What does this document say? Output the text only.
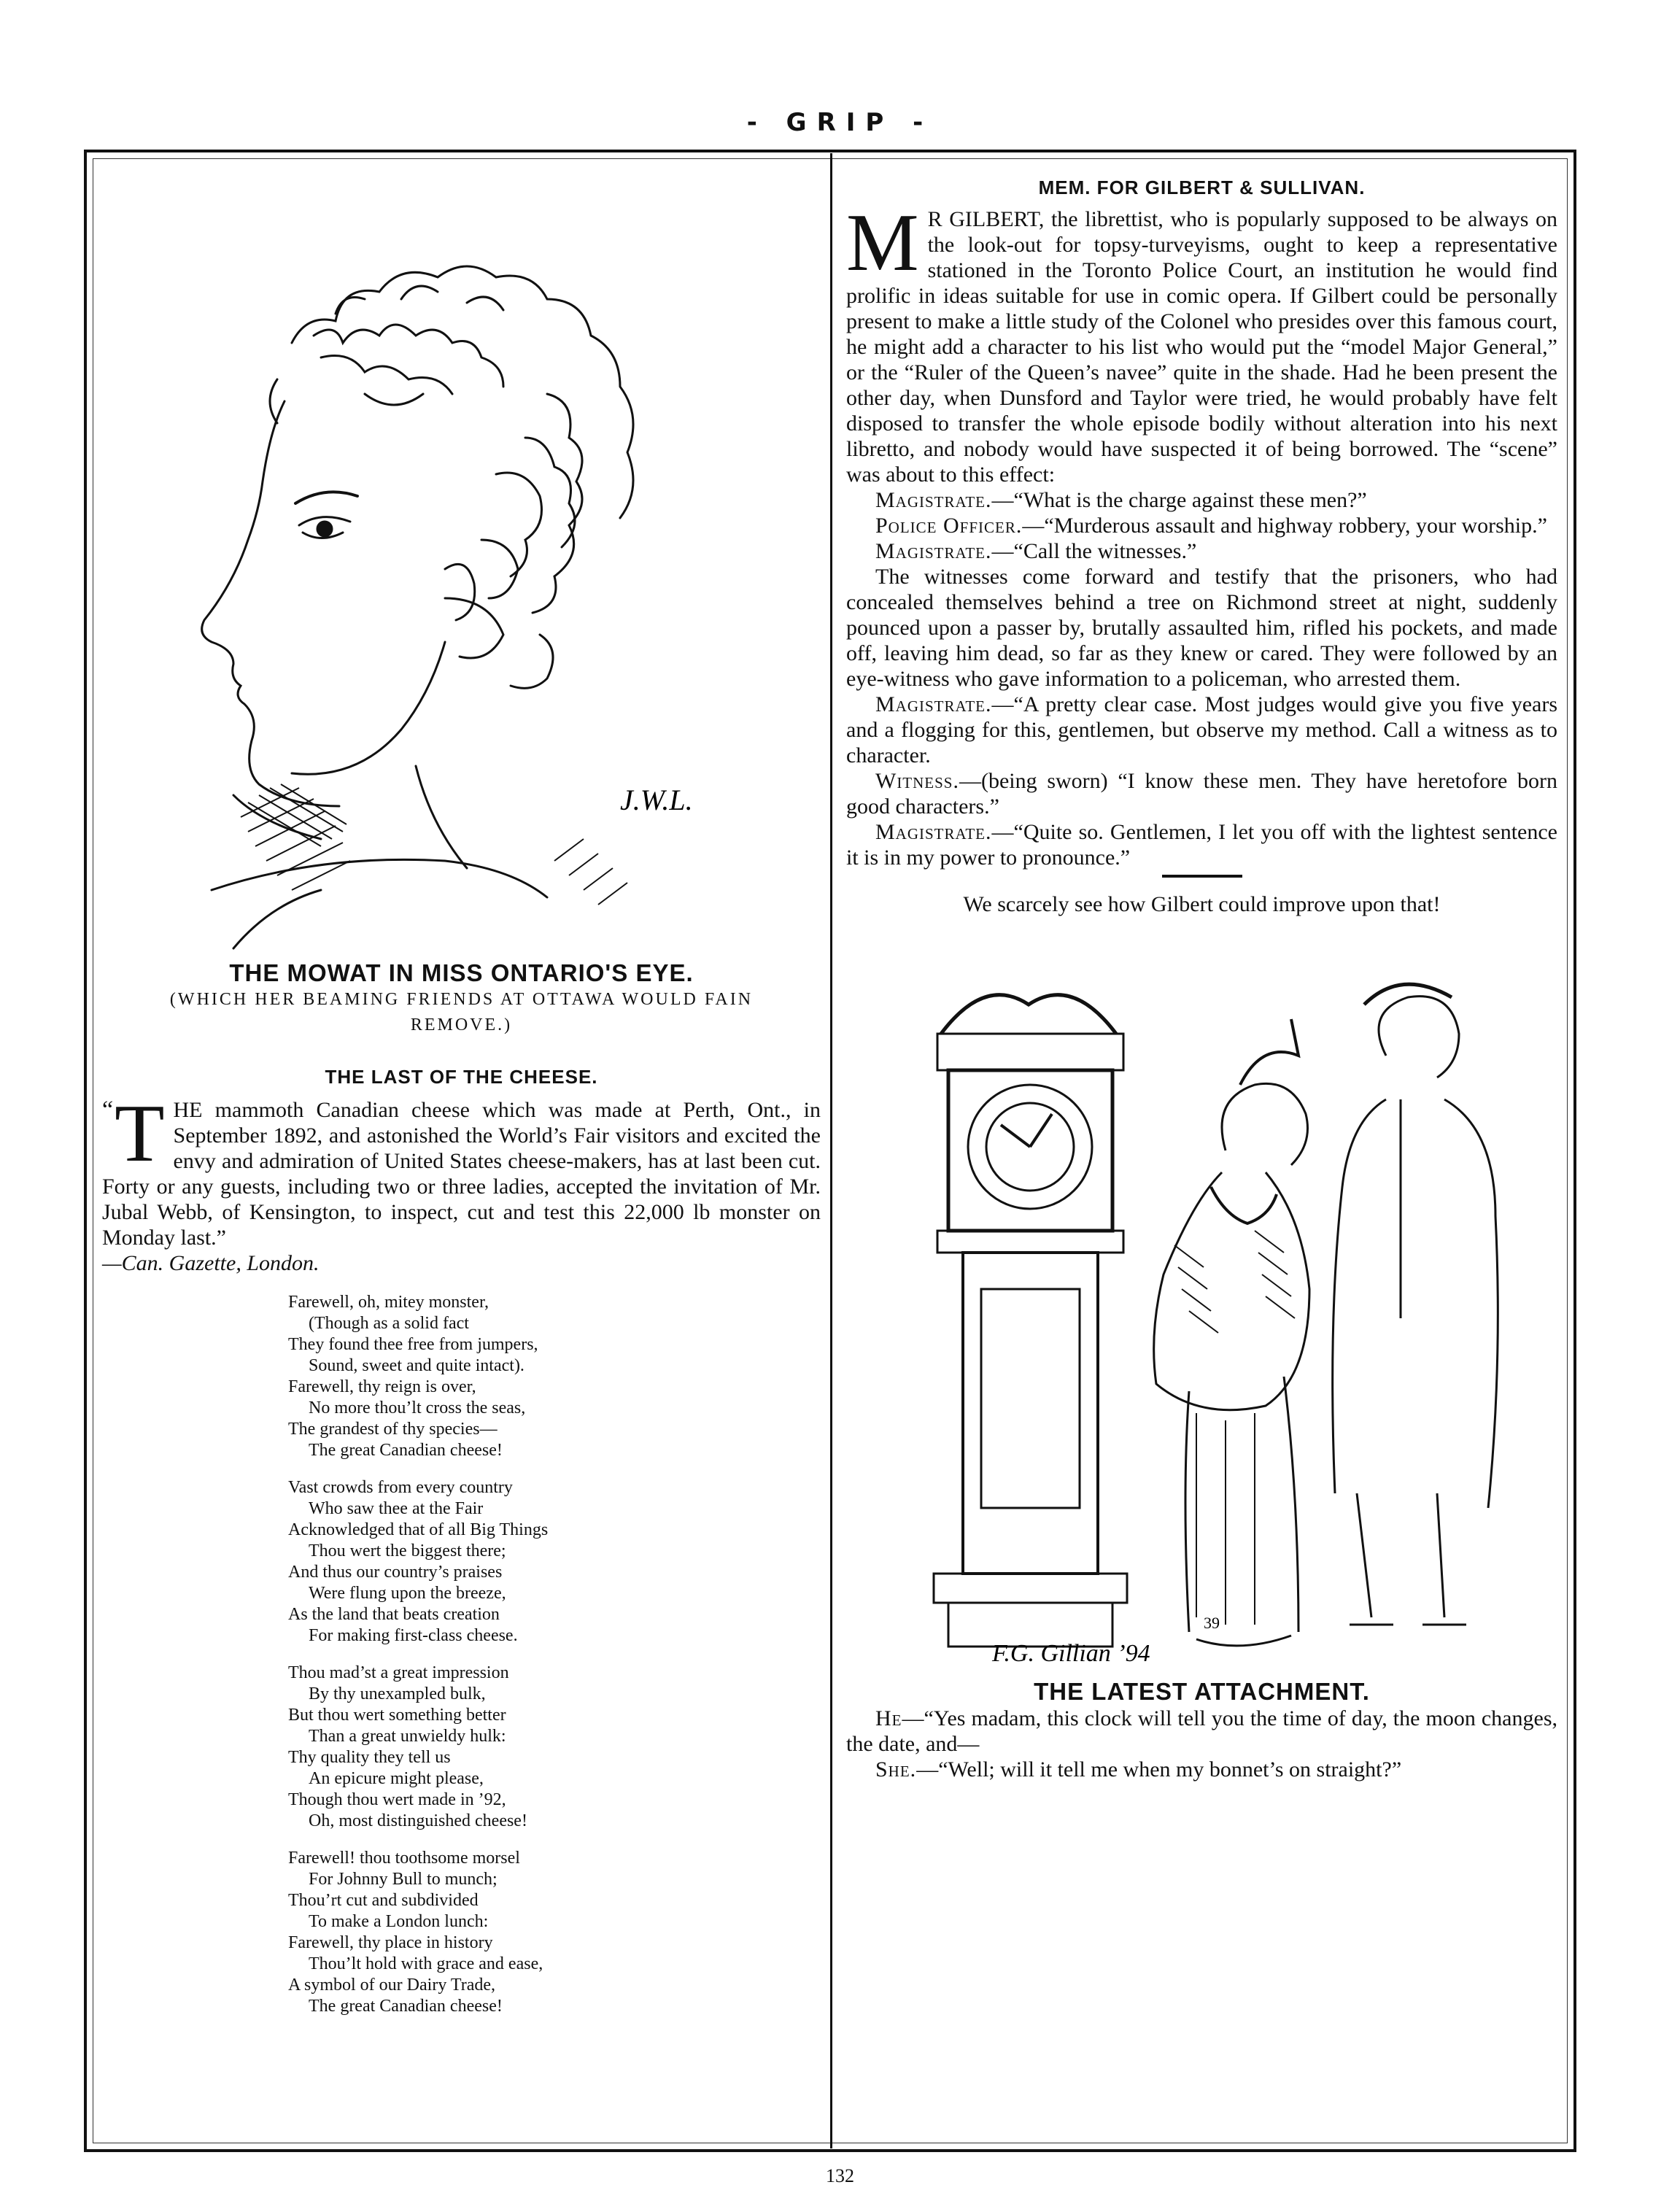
- GRIP -
J.W.L.
THE MOWAT IN MISS ONTARIO'S EYE.
(WHICH HER BEAMING FRIENDS AT OTTAWA WOULD FAIN REMOVE.)
THE LAST OF THE CHEESE.

“ T HE mammoth Canadian cheese which was made at Perth, Ont., in September 1892, and astonished the World’s Fair visitors and excited the envy and admiration of United States cheese-makers, has at last been cut. Forty or any guests, including two or three ladies, accepted the invitation of Mr. Jubal Webb, of Kensington, to inspect, cut and test this 22,000 lb monster on Monday last.”
—Can. Gazette, London.

Farewell, oh, mitey monster,
(Though as a solid fact
They found thee free from jumpers,
Sound, sweet and quite intact).
Farewell, thy reign is over,
No more thou’lt cross the seas,
The grandest of thy species—
The great Canadian cheese!
Vast crowds from every country
Who saw thee at the Fair
Acknowledged that of all Big Things
Thou wert the biggest there;
And thus our country’s praises
Were flung upon the breeze,
As the land that beats creation
For making first-class cheese.
Thou mad’st a great impression
By thy unexampled bulk,
But thou wert something better
Than a great unwieldy hulk:
Thy quality they tell us
An epicure might please,
Though thou wert made in ’92,
Oh, most distinguished cheese!
Farewell! thou toothsome morsel
For Johnny Bull to munch;
Thou’rt cut and subdivided
To make a London lunch:
Farewell, thy place in history
Thou’lt hold with grace and ease,
A symbol of our Dairy Trade,
The great Canadian cheese!
MEM. FOR GILBERT & SULLIVAN.

M R GILBERT, the librettist, who is popularly supposed to be always on the look-out for topsy-turveyisms, ought to keep a representative stationed in the Toronto Police Court, an institution he would find prolific in ideas suitable for use in comic opera. If Gilbert could be personally present to make a little study of the Colonel who presides over this famous court, he might add a character to his list who would put the “model Major General,” or the “Ruler of the Queen’s navee” quite in the shade. Had he been present the other day, when Dunsford and Taylor were tried, he would probably have felt disposed to transfer the whole episode bodily without alteration into his next libretto, and nobody would have suspected it of being borrowed. The “scene” was about to this effect:

Magistrate.—“What is the charge against these men?”

Police Officer.—“Murderous assault and highway robbery, your worship.”

Magistrate.—“Call the witnesses.”

The witnesses come forward and testify that the prisoners, who had concealed themselves behind a tree on Richmond street at night, suddenly pounced upon a passer by, brutally assaulted him, rifled his pockets, and made off, leaving him dead, so far as they knew or cared. They were followed by an eye-witness who gave information to a policeman, who arrested them.

Magistrate.—“A pretty clear case. Most judges would give you five years and a flogging for this, gentlemen, but observe my method. Call a witness as to character.

Witness.—(being sworn) “I know these men. They have heretofore born good characters.”

Magistrate.—“Quite so. Gentlemen, I let you off with the lightest sentence it is in my power to pronounce.”

We scarcely see how Gilbert could improve upon that!

F.G. Gillian ’94
39
THE LATEST ATTACHMENT.

He—“Yes madam, this clock will tell you the time of day, the moon changes, the date, and—

She.—“Well; will it tell me when my bonnet’s on straight?”

132
